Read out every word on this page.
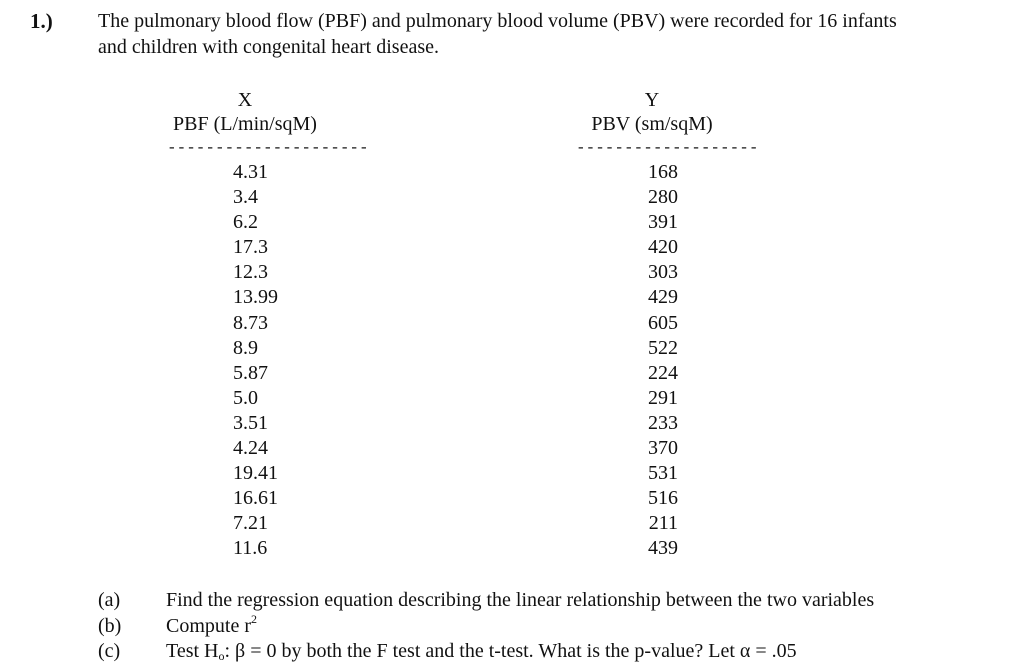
1.) The pulmonary blood flow (PBF) and pulmonary blood volume (PBV) were recorded for 16 infants
and children with congenital heart disease.
X
PBF (L/min/sqM)
Y
PBV (sm/sqM)
---------------------	-------------------
4.31
3.4
6.2
17.3
12.3
13.99
8.73
8.9
5.87
5.0
3.51
4.24
19.41
16.61
7.21
11.6
168
280
391
420
303
429
605
522
224
291
233
370
531
516
211
439
(a) Find the regression equation describing the linear relationship between the two variables
(b) Compute $r^2$
(c) Test $H_o$: β = 0 by both the F test and the t-test. What is the p-value? Let α = .05
